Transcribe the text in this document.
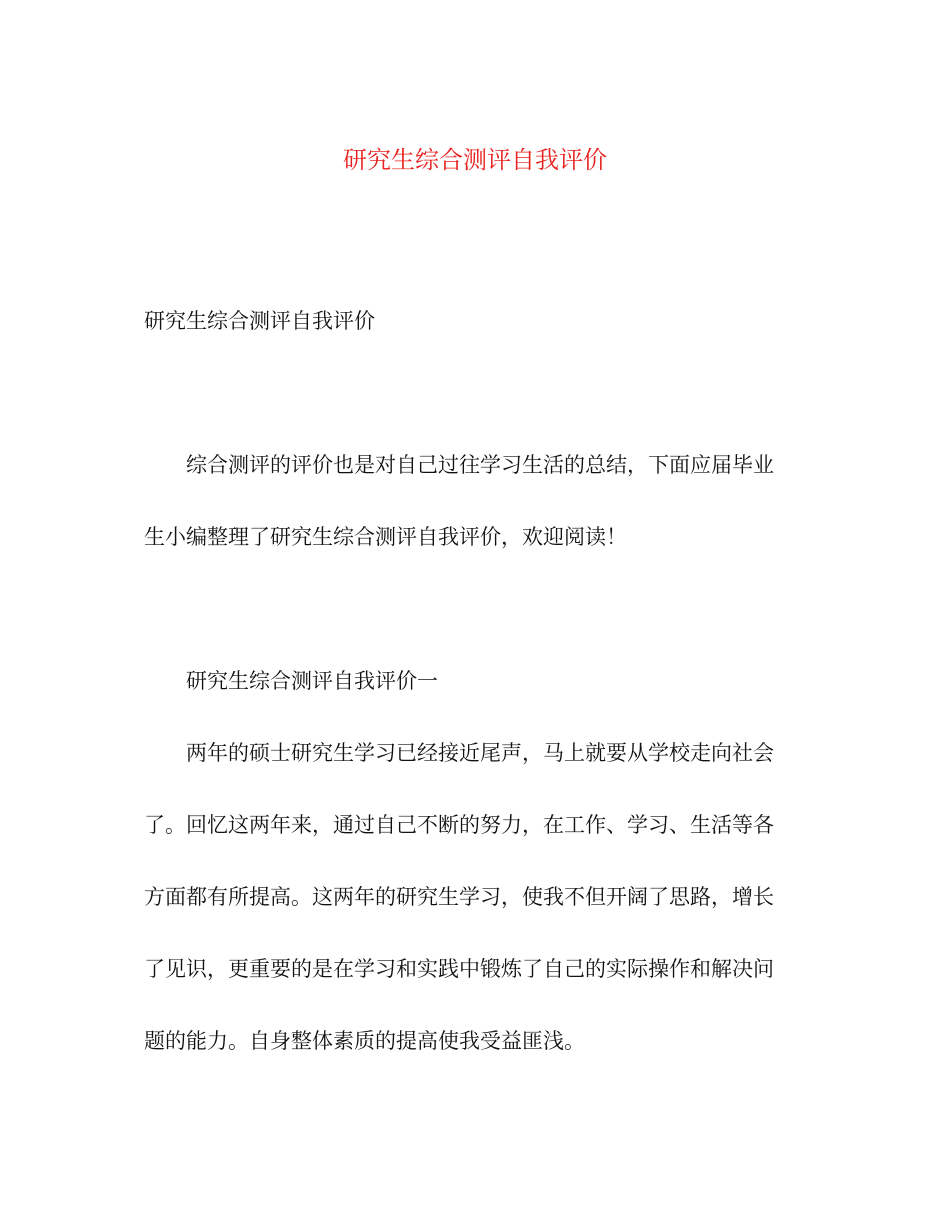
研究生综合测评自我评价
研究生综合测评自我评价
综合测评的评价也是对自己过往学习生活的总结，下面应届毕业
生小编整理了研究生综合测评自我评价，欢迎阅读！
研究生综合测评自我评价一
两年的硕士研究生学习已经接近尾声，马上就要从学校走向社会
了。回忆这两年来，通过自己不断的努力，在工作、学习、生活等各
方面都有所提高。这两年的研究生学习，使我不但开阔了思路，增长
了见识，更重要的是在学习和实践中锻炼了自己的实际操作和解决问
题的能力。自身整体素质的提高使我受益匪浅。
